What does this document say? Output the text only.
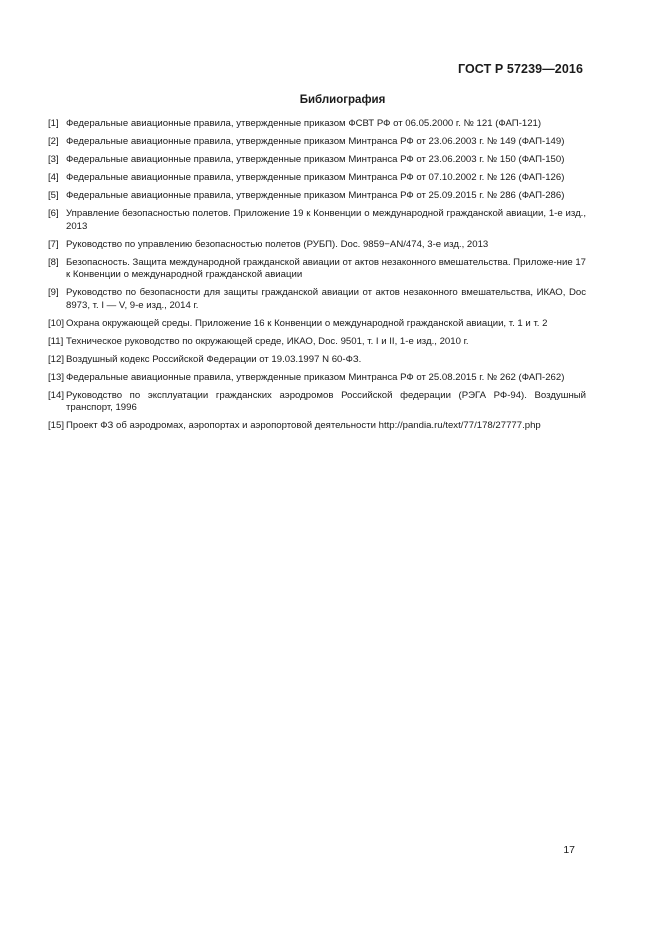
ГОСТ Р 57239—2016
Библиография
[1] Федеральные авиационные правила, утвержденные приказом ФСВТ РФ от 06.05.2000 г. № 121 (ФАП-121)
[2] Федеральные авиационные правила, утвержденные приказом Минтранса РФ от 23.06.2003 г. № 149 (ФАП-149)
[3] Федеральные авиационные правила, утвержденные приказом Минтранса РФ от 23.06.2003 г. № 150 (ФАП-150)
[4] Федеральные авиационные правила, утвержденные приказом Минтранса РФ от 07.10.2002 г. № 126 (ФАП-126)
[5] Федеральные авиационные правила, утвержденные приказом Минтранса РФ от 25.09.2015 г. № 286 (ФАП-286)
[6] Управление безопасностью полетов. Приложение 19 к Конвенции о международной гражданской авиации, 1-е изд., 2013
[7] Руководство по управлению безопасностью полетов (РУБП). Doc. 9859−AN/474, 3-е изд., 2013
[8] Безопасность. Защита международной гражданской авиации от актов незаконного вмешательства. Приложе-ние 17 к Конвенции о международной гражданской авиации
[9] Руководство по безопасности для защиты гражданской авиации от актов незаконного вмешательства, ИКАО, Doc 8973, т. I — V, 9-е изд., 2014 г.
[10] Охрана окружающей среды. Приложение 16 к Конвенции о международной гражданской авиации, т. 1 и т. 2
[11] Техническое руководство по окружающей среде, ИКАО, Doc. 9501, т. I и II, 1-е изд., 2010 г.
[12] Воздушный кодекс Российской Федерации от 19.03.1997 N 60-ФЗ.
[13] Федеральные авиационные правила, утвержденные приказом Минтранса РФ от 25.08.2015 г. № 262 (ФАП-262)
[14] Руководство по эксплуатации гражданских аэродромов Российской федерации (РЭГА РФ-94). Воздушный транспорт, 1996
[15] Проект ФЗ об аэродромах, аэропортах и аэропортовой деятельности http://pandia.ru/text/77/178/27777.php
17
